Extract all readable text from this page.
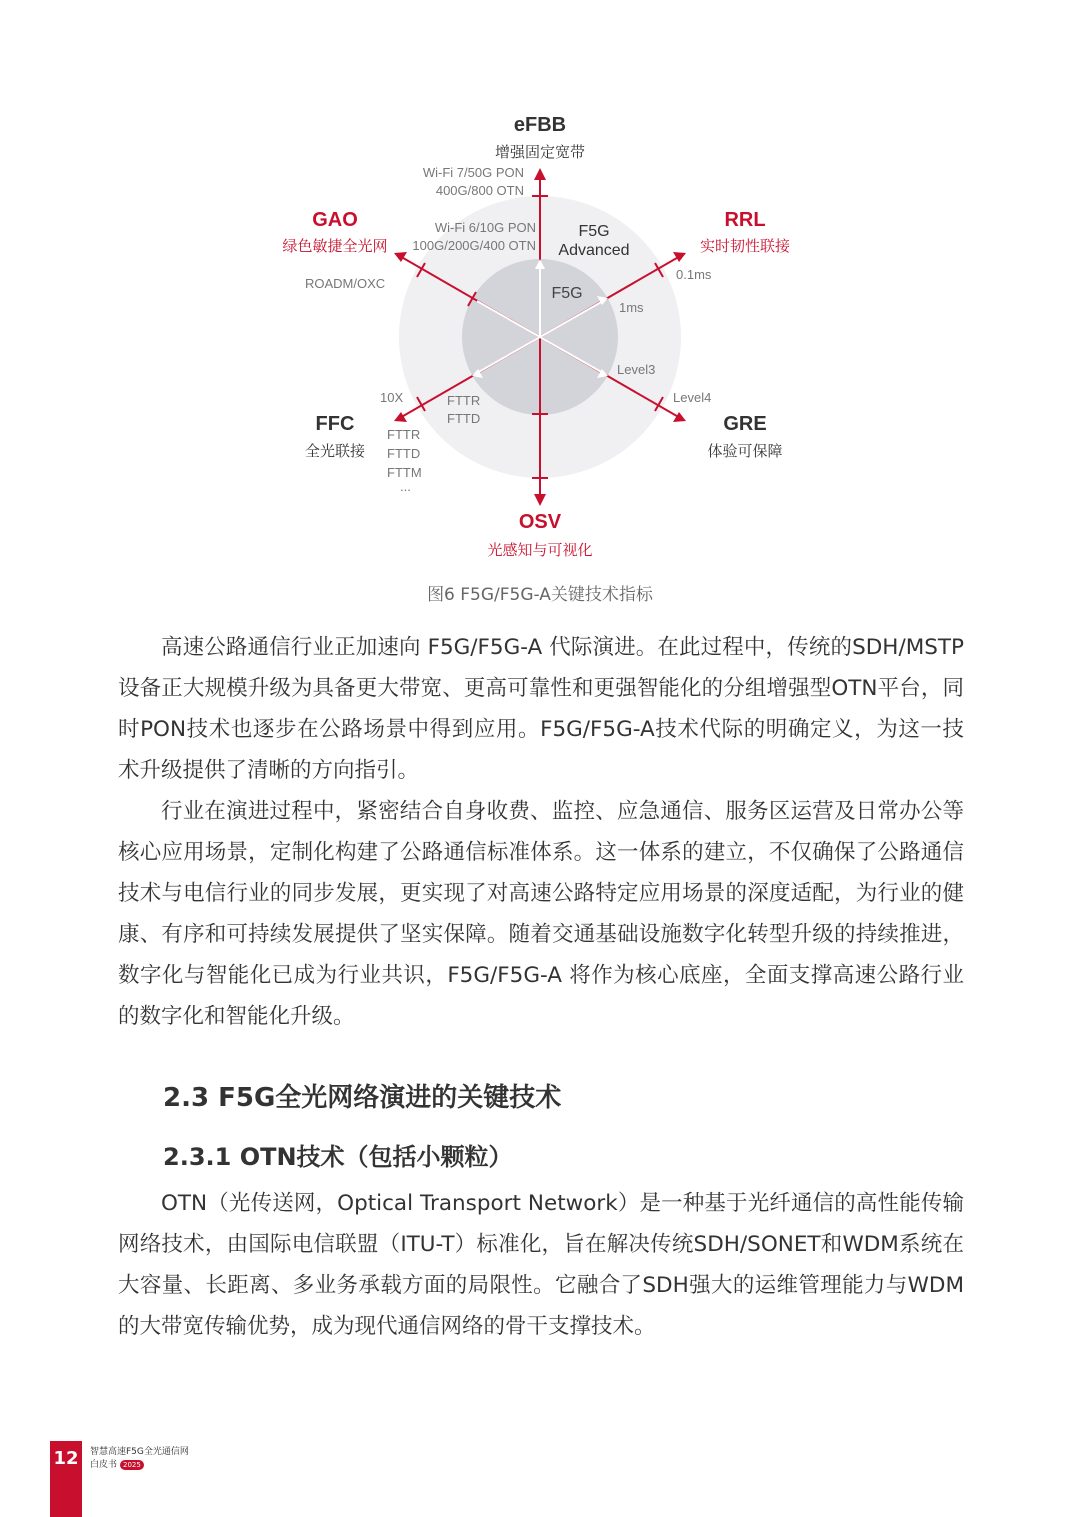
eFBB
RRL
GAO
GRE
FFC
OSV
增强固定宽带
实时韧性联接
绿色敏捷全光网
体验可保障
全光联接
光感知与可视化
Wi-Fi 7/50G PON
400G/800 OTN
Wi-Fi 6/10G PON
100G/200G/400 OTN
ROADM/OXC
1ms
0.1ms
Level3
Level4
10X	FTTR
FTTD
FTTR
FTTD
FTTM
...
F5G
Advanced
F5G
图6 F5G/F5G-A关键技术指标

高速公路通信行业正加速向 F5G/F5G-A 代际演进。在此过程中，传统的SDH/MSTP设备正大规模升级为具备更大带宽、更高可靠性和更强智能化的分组增强型OTN平台，同时PON技术也逐步在公路场景中得到应用。F5G/F5G-A技术代际的明确定义，为这一技术升级提供了清晰的方向指引。

行业在演进过程中，紧密结合自身收费、监控、应急通信、服务区运营及日常办公等核心应用场景，定制化构建了公路通信标准体系。这一体系的建立，不仅确保了公路通信技术与电信行业的同步发展，更实现了对高速公路特定应用场景的深度适配，为行业的健康、有序和可持续发展提供了坚实保障。随着交通基础设施数字化转型升级的持续推进，数字化与智能化已成为行业共识，F5G/F5G-A 将作为核心底座，全面支撑高速公路行业的数字化和智能化升级。

2.3 F5G全光网络演进的关键技术
2.3.1 OTN技术（包括小颗粒）

OTN（光传送网，Optical Transport Network）是一种基于光纤通信的高性能传输网络技术，由国际电信联盟（ITU-T）标准化，旨在解决传统SDH/SONET和WDM系统在大容量、长距离、多业务承载方面的局限性。它融合了SDH强大的运维管理能力与WDM的大带宽传输优势，成为现代通信网络的骨干支撑技术。

12	智慧高速F5G全光通信网
白皮书 2025
